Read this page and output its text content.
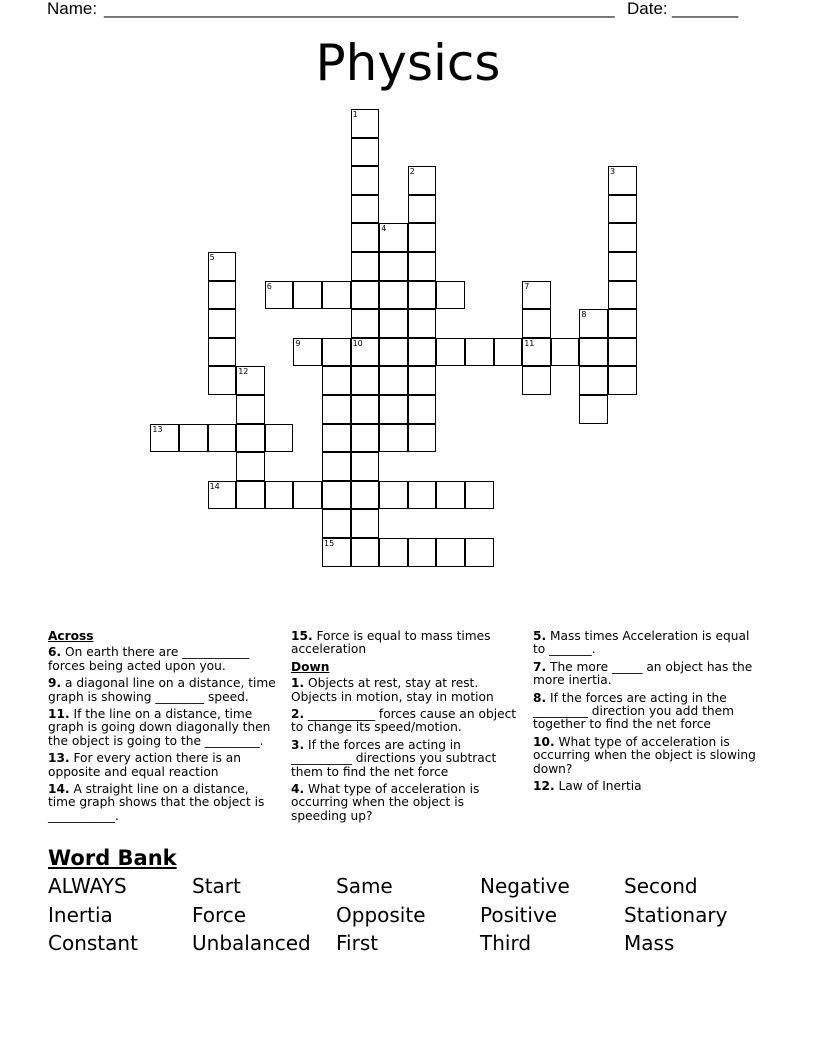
Name: ______________________________________________________ Date: _______
Physics
1
10
2	3
4
5
6	7
11
8
9
12
13
14
15
Across
6. On earth there are ___________ forces being acted upon you.
9. a diagonal line on a distance, time graph is showing ________ speed.
11. If the line on a distance, time graph is going down diagonally then the object is going to the _________.
13. For every action there is an opposite and equal reaction
14. A straight line on a distance, time graph shows that the object is ___________.
15. Force is equal to mass times acceleration
Down
1. Objects at rest, stay at rest. Objects in motion, stay in motion
2. ___________ forces cause an object to change its speed/motion.
3. If the forces are acting in __________ directions you subtract them to find the net force
4. What type of acceleration is occurring when the object is speeding up?
5. Mass times Acceleration is equal to _______.
7. The more _____ an object has the more inertia.
8. If the forces are acting in the _________ direction you add them together to find the net force
10. What type of acceleration is occurring when the object is slowing down?
12. Law of Inertia
Word Bank
ALWAYS	Start	Same	Negative	Second
Inertia	Force	Opposite	Positive	Stationary
Constant	Unbalanced	First	Third	Mass
